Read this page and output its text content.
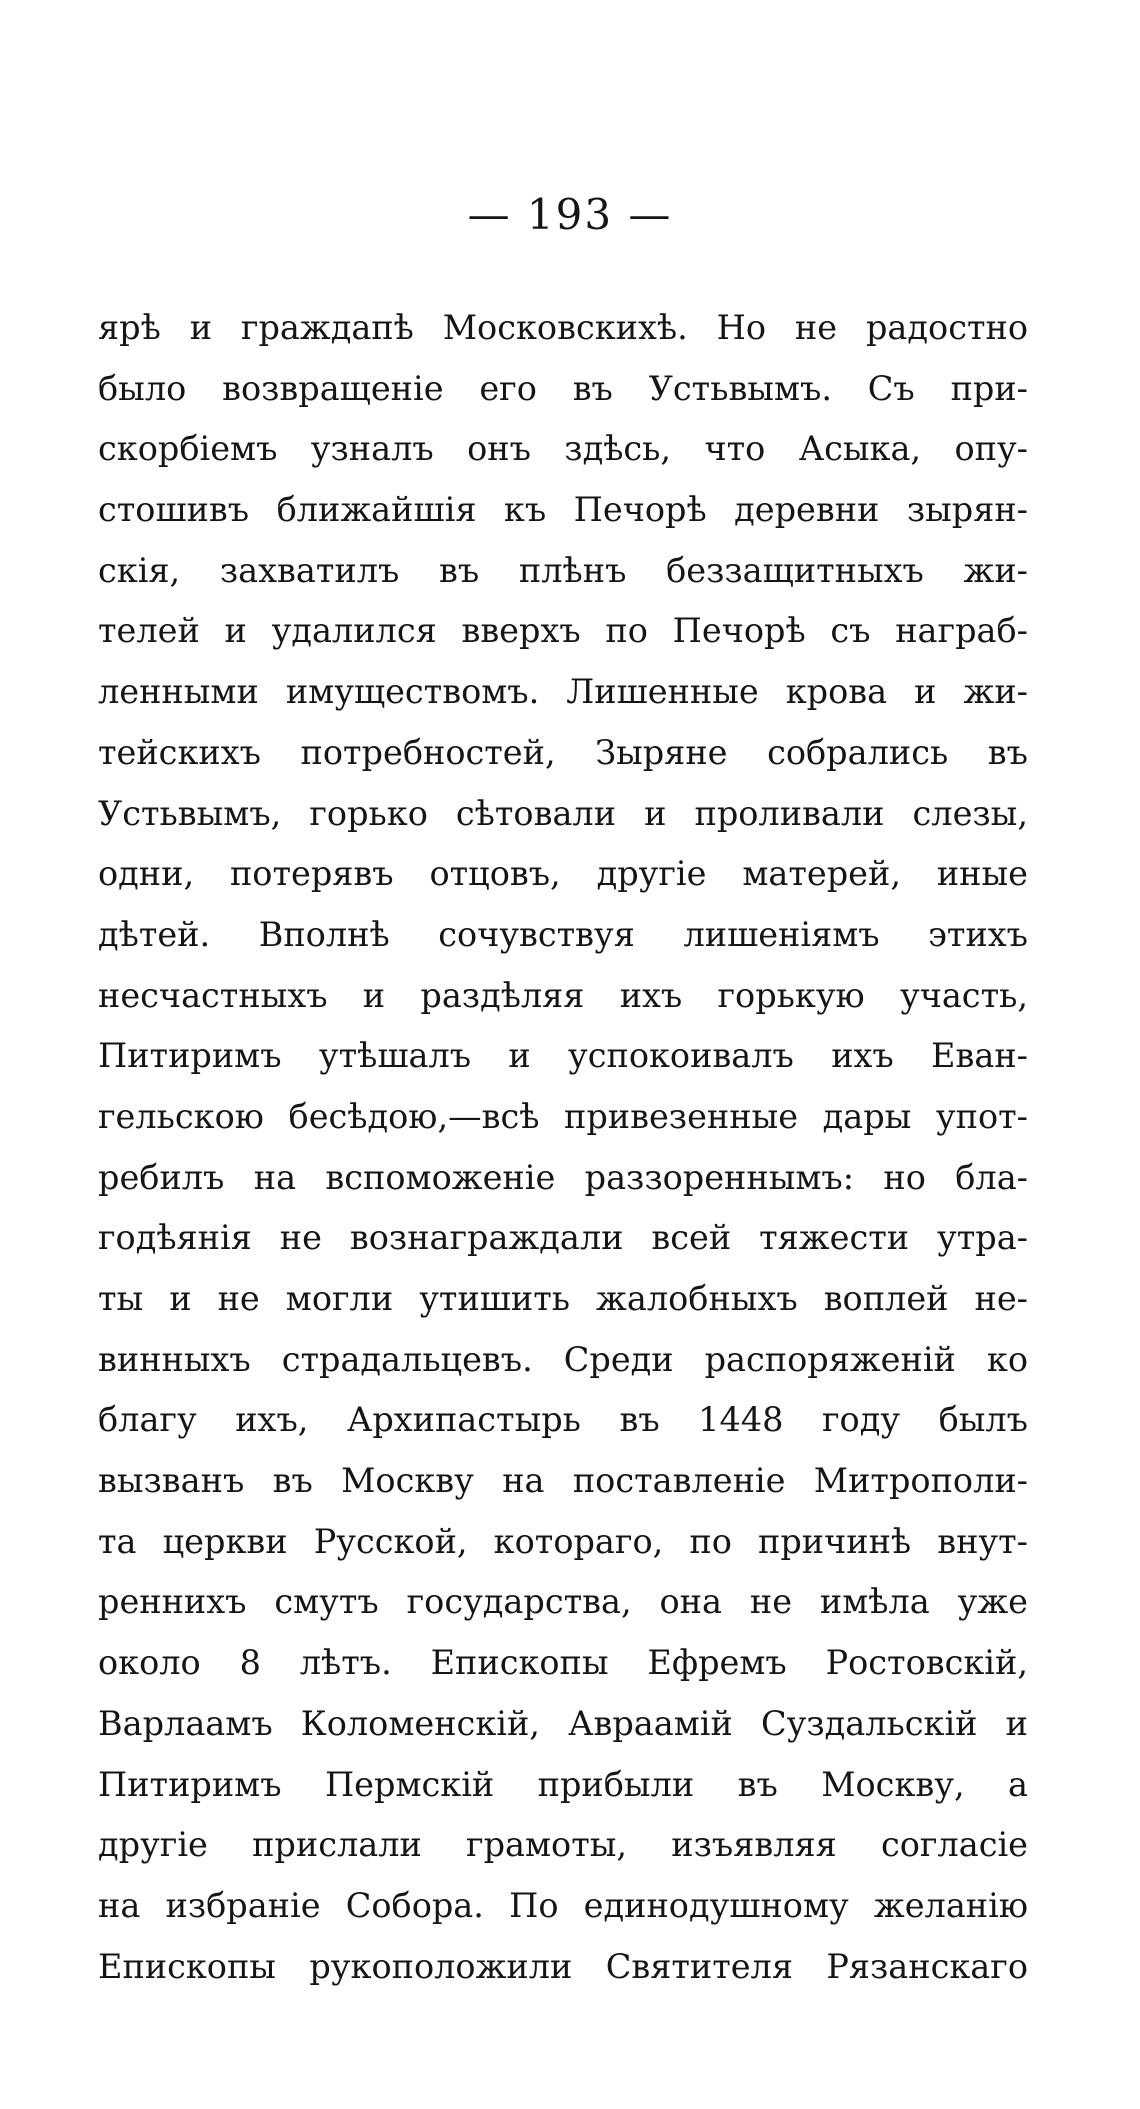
— 193 —
ярѣ и граждапѣ Московскихѣ. Но не радостно
было возвращеніе его въ Устьвымъ. Съ при-
скорбіемъ узналъ онъ здѣсь, что Асыка, опу-
стошивъ ближайшія къ Печорѣ деревни зырян-
скія, захватилъ въ плѣнъ беззащитныхъ жи-
телей и удалился вверхъ по Печорѣ съ награб-
ленными имуществомъ. Лишенные крова и жи-
тейскихъ потребностей, Зыряне собрались въ
Устьвымъ, горько сѣтовали и проливали слезы,
одни, потерявъ отцовъ, другіе матерей, иные
дѣтей. Вполнѣ сочувствуя лишеніямъ этихъ
несчастныхъ и раздѣляя ихъ горькую участь,
Питиримъ утѣшалъ и успокоивалъ ихъ Еван-
гельскою бесѣдою,—всѣ привезенные дары упот-
ребилъ на вспоможеніе раззореннымъ: но бла-
годѣянія не вознаграждали всей тяжести утра-
ты и не могли утишить жалобныхъ воплей не-
винныхъ страдальцевъ. Среди распоряженій ко
благу ихъ, Архипастырь въ 1448 году былъ
вызванъ въ Москву на поставленіе Митрополи-
та церкви Русской, котораго, по причинѣ внут-
реннихъ смутъ государства, она не имѣла уже
около 8 лѣтъ. Епископы Ефремъ Ростовскій,
Варлаамъ Коломенскій, Авраамій Суздальскій и
Питиримъ Пермскій прибыли въ Москву, а
другіе прислали грамоты, изъявляя согласіе
на избраніе Собора. По единодушному желанію
Епископы рукоположили Святителя Рязанскаго
